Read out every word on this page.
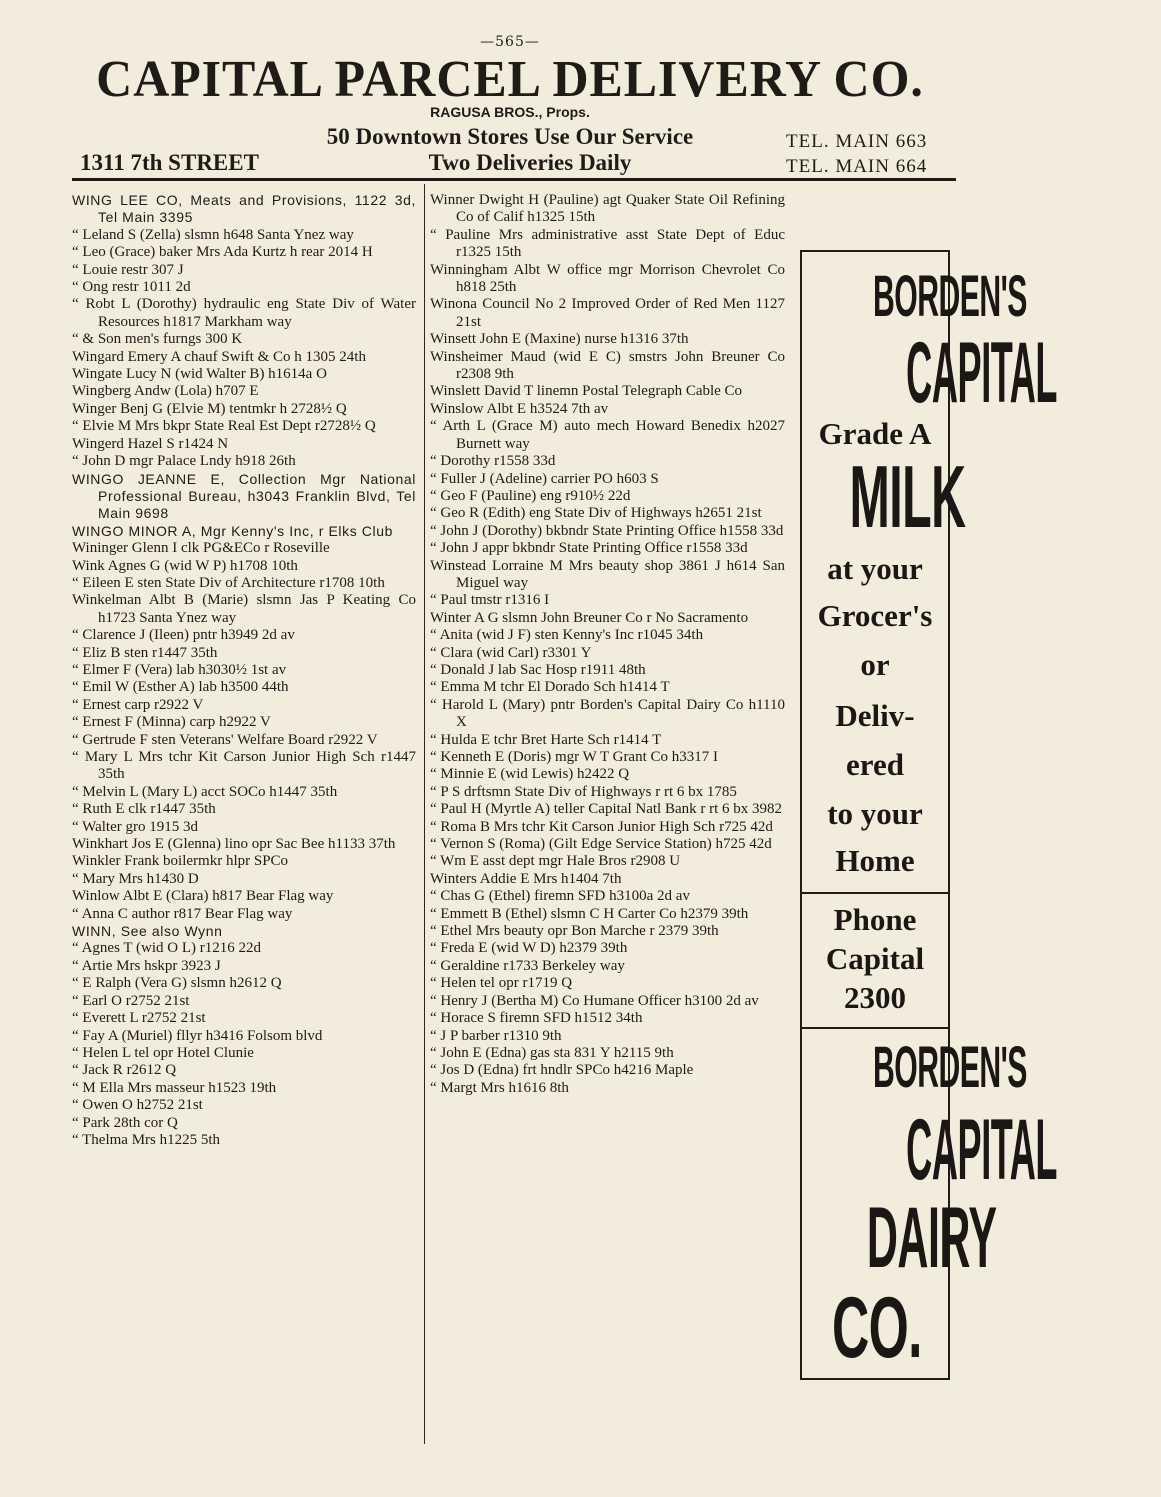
—565—
CAPITAL PARCEL DELIVERY CO.
RAGUSA BROS., Props.
50 Downtown Stores Use Our Service
1311 7th STREET	Two Deliveries Daily
TEL. MAIN 663
TEL. MAIN 664

WING LEE CO, Meats and Provisions, 1122 3d, Tel Main 3395

“ Leland S (Zella) slsmn h648 Santa Ynez way

“ Leo (Grace) baker Mrs Ada Kurtz h rear 2014 H

“ Louie restr 307 J

“ Ong restr 1011 2d

“ Robt L (Dorothy) hydraulic eng State Div of Water Resources h1817 Markham way

“ & Son men's furngs 300 K

Wingard Emery A chauf Swift & Co h 1305 24th

Wingate Lucy N (wid Walter B) h1614a O

Wingberg Andw (Lola) h707 E

Winger Benj G (Elvie M) tentmkr h 2728½ Q

“ Elvie M Mrs bkpr State Real Est Dept r2728½ Q

Wingerd Hazel S r1424 N

“ John D mgr Palace Lndy h918 26th

WINGO JEANNE E, Collection Mgr National Professional Bureau, h3043 Franklin Blvd, Tel Main 9698

WINGO MINOR A, Mgr Kenny's Inc, r Elks Club

Wininger Glenn I clk PG&ECo r Roseville

Wink Agnes G (wid W P) h1708 10th

“ Eileen E sten State Div of Architecture r1708 10th

Winkelman Albt B (Marie) slsmn Jas P Keating Co h1723 Santa Ynez way

“ Clarence J (Ileen) pntr h3949 2d av

“ Eliz B sten r1447 35th

“ Elmer F (Vera) lab h3030½ 1st av

“ Emil W (Esther A) lab h3500 44th

“ Ernest carp r2922 V

“ Ernest F (Minna) carp h2922 V

“ Gertrude F sten Veterans' Welfare Board r2922 V

“ Mary L Mrs tchr Kit Carson Junior High Sch r1447 35th

“ Melvin L (Mary L) acct SOCo h1447 35th

“ Ruth E clk r1447 35th

“ Walter gro 1915 3d

Winkhart Jos E (Glenna) lino opr Sac Bee h1133 37th

Winkler Frank boilermkr hlpr SPCo

“ Mary Mrs h1430 D

Winlow Albt E (Clara) h817 Bear Flag way

“ Anna C author r817 Bear Flag way

WINN, See also Wynn

“ Agnes T (wid O L) r1216 22d

“ Artie Mrs hskpr 3923 J

“ E Ralph (Vera G) slsmn h2612 Q

“ Earl O r2752 21st

“ Everett L r2752 21st

“ Fay A (Muriel) fllyr h3416 Folsom blvd

“ Helen L tel opr Hotel Clunie

“ Jack R r2612 Q

“ M Ella Mrs masseur h1523 19th

“ Owen O h2752 21st

“ Park 28th cor Q

“ Thelma Mrs h1225 5th

Winner Dwight H (Pauline) agt Quaker State Oil Refining Co of Calif h1325 15th

“ Pauline Mrs administrative asst State Dept of Educ r1325 15th

Winningham Albt W office mgr Morrison Chevrolet Co h818 25th

Winona Council No 2 Improved Order of Red Men 1127 21st

Winsett John E (Maxine) nurse h1316 37th

Winsheimer Maud (wid E C) smstrs John Breuner Co r2308 9th

Winslett David T linemn Postal Telegraph Cable Co

Winslow Albt E h3524 7th av

“ Arth L (Grace M) auto mech Howard Benedix h2027 Burnett way

“ Dorothy r1558 33d

“ Fuller J (Adeline) carrier PO h603 S

“ Geo F (Pauline) eng r910½ 22d

“ Geo R (Edith) eng State Div of Highways h2651 21st

“ John J (Dorothy) bkbndr State Printing Office h1558 33d

“ John J appr bkbndr State Printing Office r1558 33d

Winstead Lorraine M Mrs beauty shop 3861 J h614 San Miguel way

“ Paul tmstr r1316 I

Winter A G slsmn John Breuner Co r No Sacramento

“ Anita (wid J F) sten Kenny's Inc r1045 34th

“ Clara (wid Carl) r3301 Y

“ Donald J lab Sac Hosp r1911 48th

“ Emma M tchr El Dorado Sch h1414 T

“ Harold L (Mary) pntr Borden's Capital Dairy Co h1110 X

“ Hulda E tchr Bret Harte Sch r1414 T

“ Kenneth E (Doris) mgr W T Grant Co h3317 I

“ Minnie E (wid Lewis) h2422 Q

“ P S drftsmn State Div of Highways r rt 6 bx 1785

“ Paul H (Myrtle A) teller Capital Natl Bank r rt 6 bx 3982

“ Roma B Mrs tchr Kit Carson Junior High Sch r725 42d

“ Vernon S (Roma) (Gilt Edge Service Station) h725 42d

“ Wm E asst dept mgr Hale Bros r2908 U

Winters Addie E Mrs h1404 7th

“ Chas G (Ethel) firemn SFD h3100a 2d av

“ Emmett B (Ethel) slsmn C H Carter Co h2379 39th

“ Ethel Mrs beauty opr Bon Marche r 2379 39th

“ Freda E (wid W D) h2379 39th

“ Geraldine r1733 Berkeley way

“ Helen tel opr r1719 Q

“ Henry J (Bertha M) Co Humane Officer h3100 2d av

“ Horace S firemn SFD h1512 34th

“ J P barber r1310 9th

“ John E (Edna) gas sta 831 Y h2115 9th

“ Jos D (Edna) frt hndlr SPCo h4216 Maple

“ Margt Mrs h1616 8th

BORDEN'S
CAPITAL
Grade A
MILK
at your
Grocer's
or
Deliv-
ered
to your
Home
Phone
Capital
2300
BORDEN'S
CAPITAL
DAIRY
CO.
